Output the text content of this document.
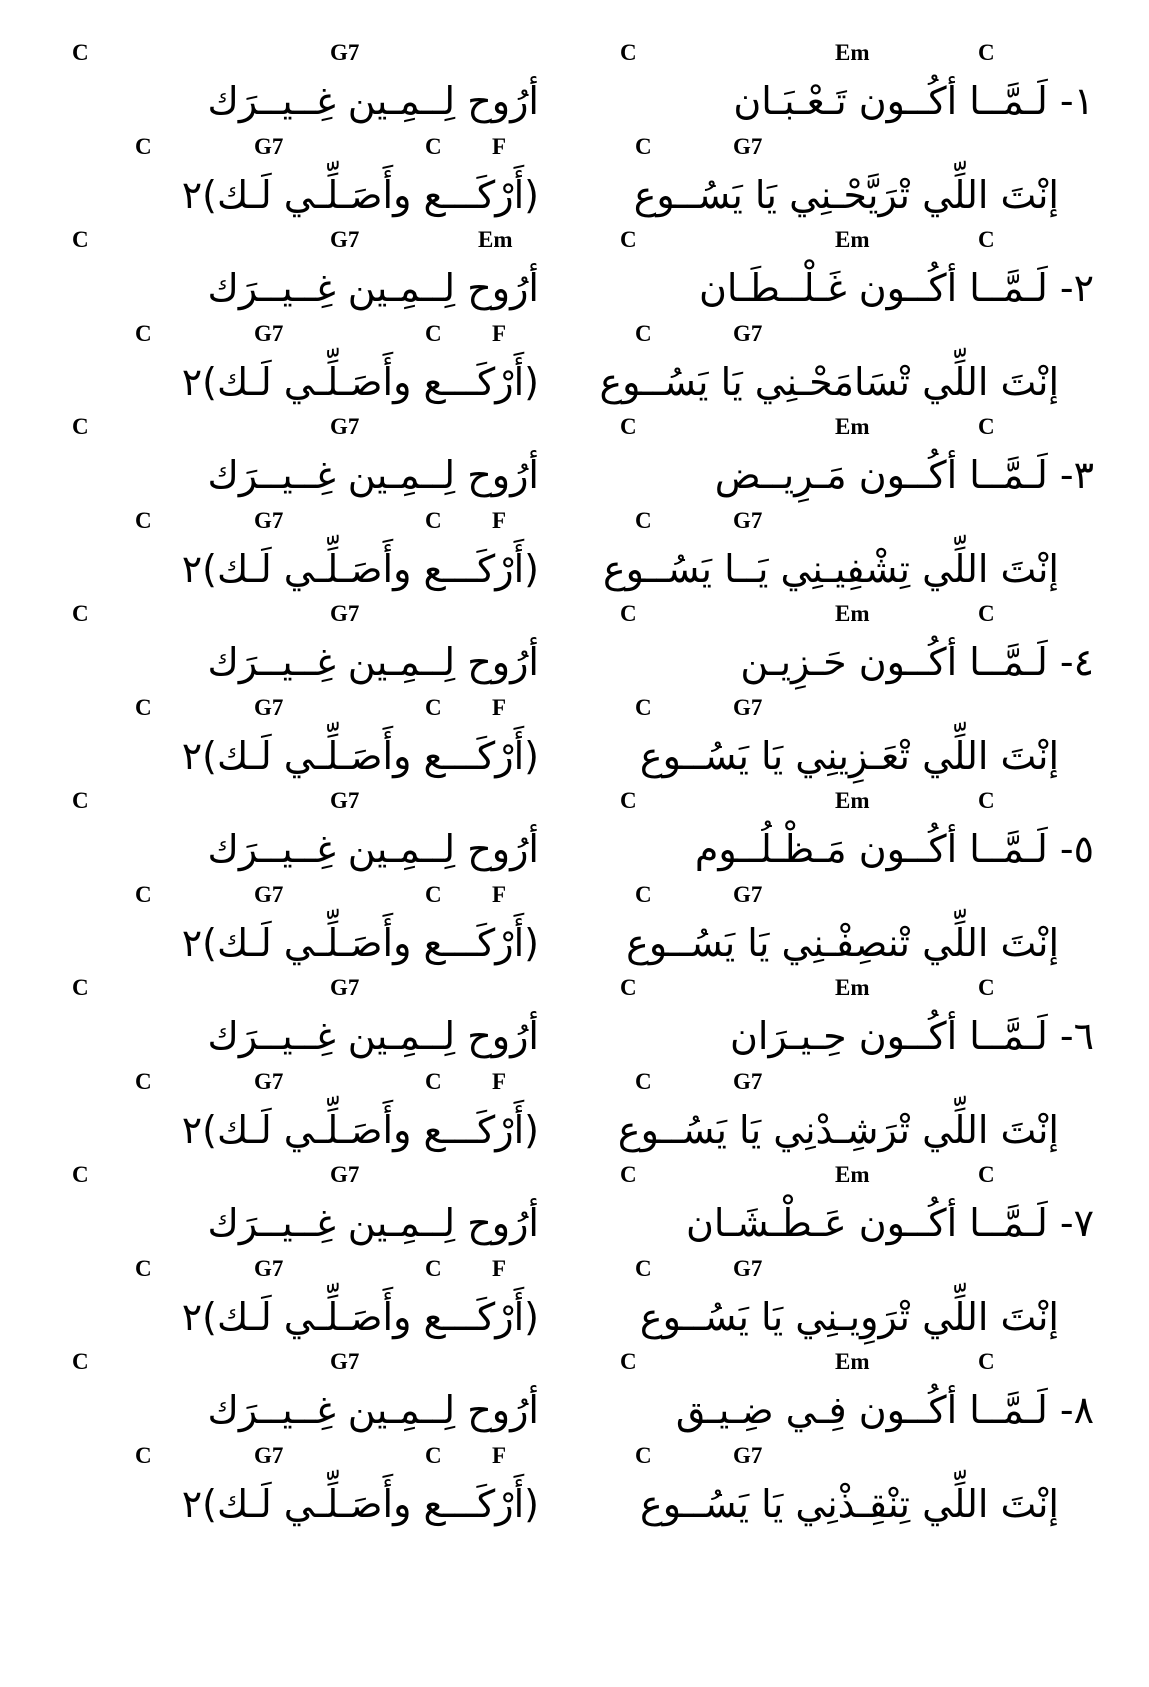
C	Em	C
C	G7
١- لَـمَّــا أكُــون تَـعْـبَـان
أرُوح لِــمِـين غِــيــرَك
C	G7
C	G7	C F
إنْتَ اللِّي تْرَيَّحْـنِي يَا يَسُــوع
(أَرْكَـــع وأَصَـلِّـي لَـك)٢
C	Em	C
C	G7	Em
٢- لَـمَّــا أكُــون غَـلْــطَـان
أرُوح لِــمِـين غِــيــرَك
C	G7
C	G7	C F
إنْتَ اللِّي تْسَامَحْـنِي يَا يَسُــوع
(أَرْكَـــع وأَصَـلِّـي لَـك)٢
C	Em	C
C	G7
٣- لَـمَّــا أكُــون مَـرِيــض
أرُوح لِــمِـين غِــيــرَك
C	G7
C	G7	C F
إنْتَ اللِّي تِشْفِيـنِي يَــا يَسُــوع
(أَرْكَـــع وأَصَـلِّـي لَـك)٢
C	Em	C
C	G7
٤- لَـمَّــا أكُــون حَـزِيـن
أرُوح لِــمِـين غِــيــرَك
C	G7
C	G7	C F
إنْتَ اللِّي تْعَـزِينِي يَا يَسُــوع
(أَرْكَـــع وأَصَـلِّـي لَـك)٢
C	Em	C
C	G7
٥- لَـمَّــا أكُــون مَـظْـلُــوم
أرُوح لِــمِـين غِــيــرَك
C	G7
C	G7	C F
إنْتَ اللِّي تْنصِفْـنِي يَا يَسُــوع
(أَرْكَـــع وأَصَـلِّـي لَـك)٢
C	Em	C
C	G7
٦- لَـمَّــا أكُــون حِـيـرَان
أرُوح لِــمِـين غِــيــرَك
C	G7
C	G7	C F
إنْتَ اللِّي تْرَشِـدْنِي يَا يَسُــوع
(أَرْكَـــع وأَصَـلِّـي لَـك)٢
C	Em	C
C	G7
٧- لَـمَّــا أكُــون عَـطْـشَـان
أرُوح لِــمِـين غِــيــرَك
C	G7
C	G7	C F
إنْتَ اللِّي تْرَوِيـنِي يَا يَسُــوع
(أَرْكَـــع وأَصَـلِّـي لَـك)٢
C	Em	C
C	G7
٨- لَـمَّــا أكُــون فِـي ضِـيـق
أرُوح لِــمِـين غِــيــرَك
C	G7
C	G7	C F
إنْتَ اللِّي تِنْقِـذْنِي يَا يَسُــوع
(أَرْكَـــع وأَصَـلِّـي لَـك)٢
